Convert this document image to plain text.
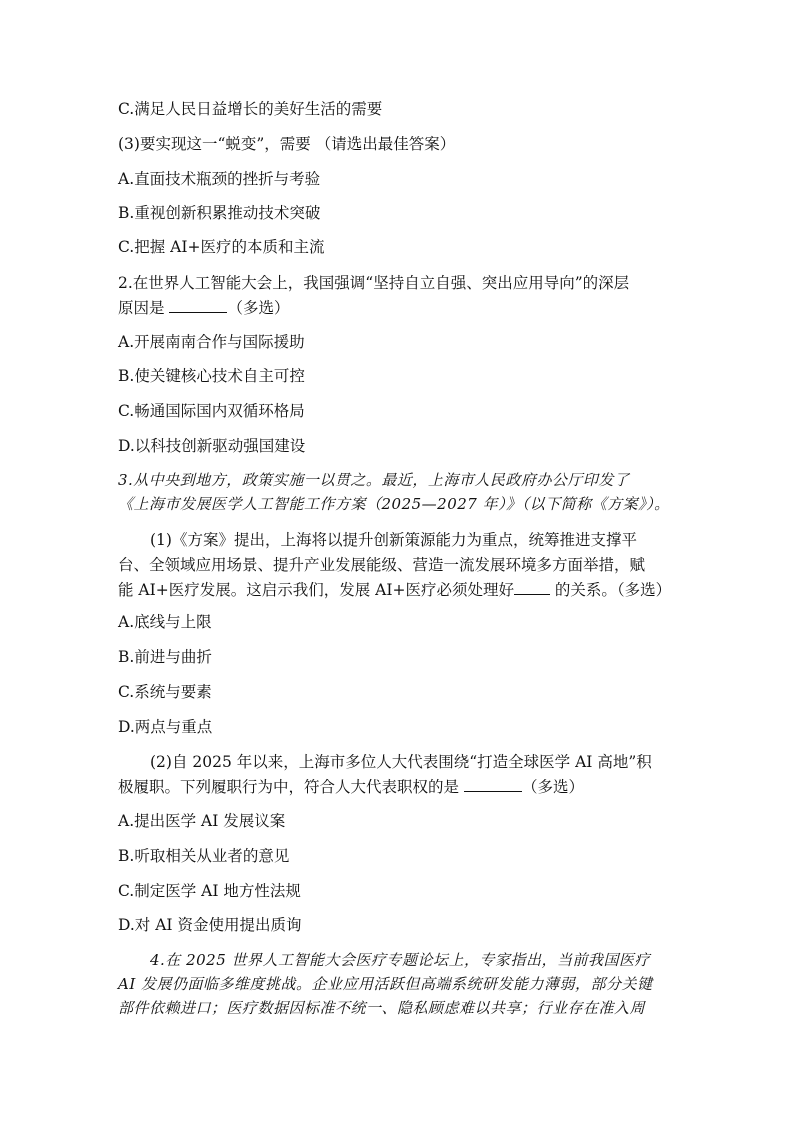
C.满足人民日益增长的美好生活的需要
(3)要实现这一“蜕变”，需要 （请选出最佳答案）
A.直面技术瓶颈的挫折与考验
B.重视创新积累推动技术突破
C.把握 AI+医疗的本质和主流
2.在世界人工智能大会上，我国强调“坚持自立自强、突出应用导向”的深层
原因是	（多选）
A.开展南南合作与国际援助
B.使关键核心技术自主可控
C.畅通国际国内双循环格局
D.以科技创新驱动强国建设
3.从中央到地方，政策实施一以贯之。最近，上海市人民政府办公厅印发了
《上海市发展医学人工智能工作方案（2025—2027 年）》（以下简称《方案》）。
(1)《方案》提出，上海将以提升创新策源能力为重点，统筹推进支撑平
台、全领域应用场景、提升产业发展能级、营造一流发展环境多方面举措，赋
能 AI+医疗发展。这启示我们，发展 AI+医疗必须处理好 的关系。（多选）
A.底线与上限
B.前进与曲折
C.系统与要素
D.两点与重点
(2)自 2025 年以来，上海市多位人大代表围绕“打造全球医学 AI 高地”积
极履职。下列履职行为中，符合人大代表职权的是	（多选）
A.提出医学 AI 发展议案
B.听取相关从业者的意见
C.制定医学 AI 地方性法规
D.对 AI 资金使用提出质询
4.在 2025 世界人工智能大会医疗专题论坛上，专家指出，当前我国医疗
AI 发展仍面临多维度挑战。企业应用活跃但高端系统研发能力薄弱，部分关键
部件依赖进口；医疗数据因标准不统一、隐私顾虑难以共享；行业存在准入周
